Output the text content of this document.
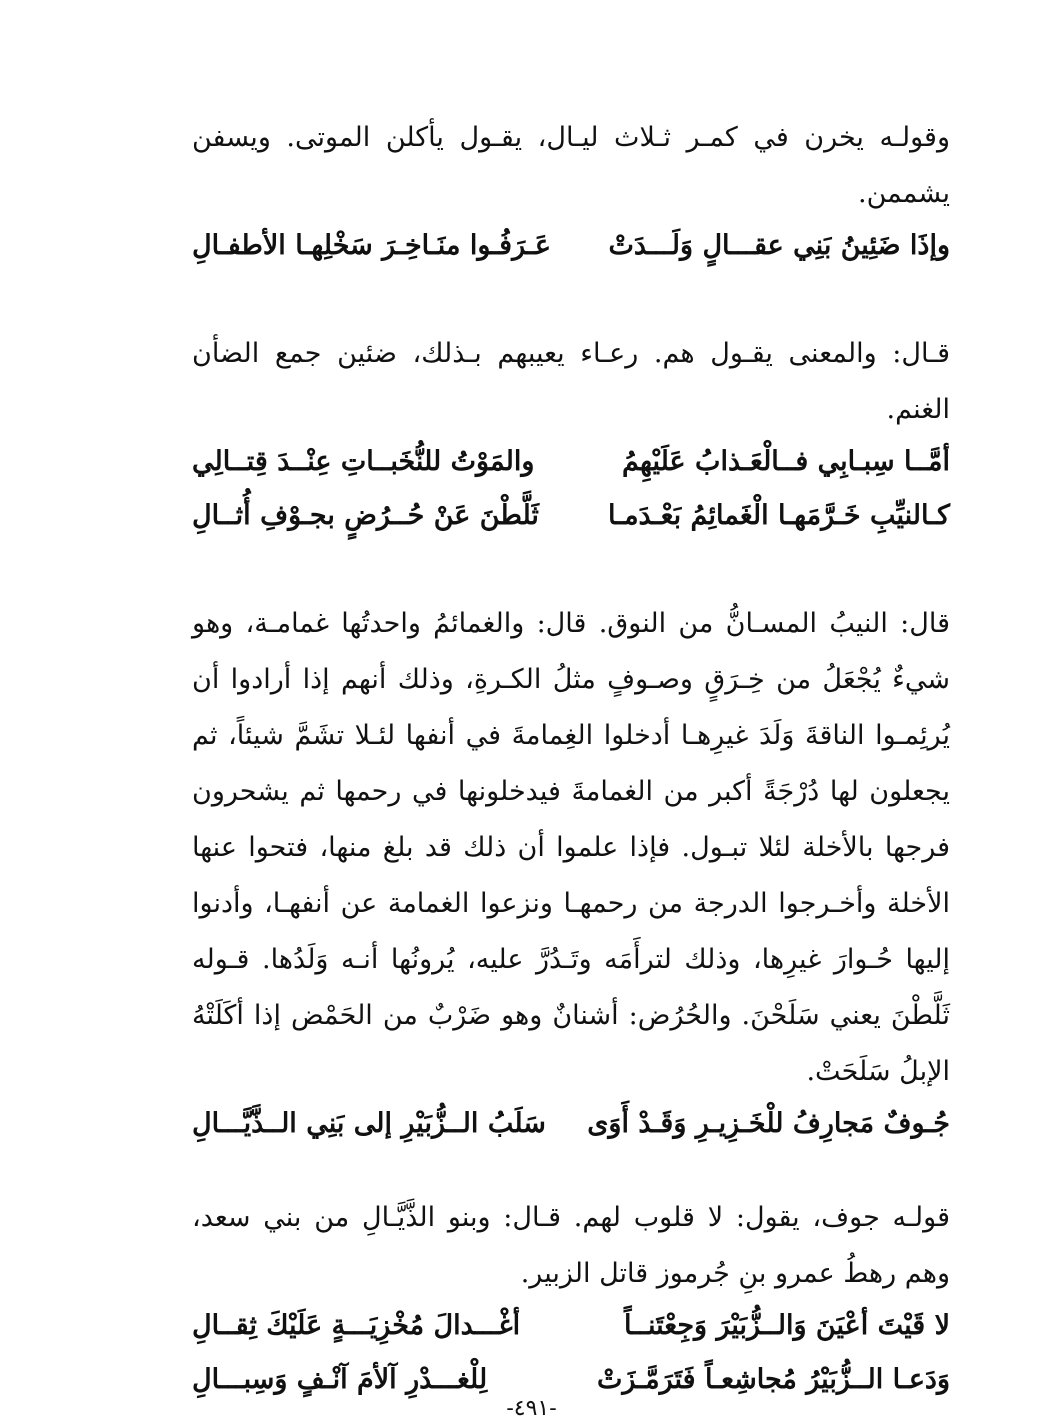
وقولـه يخرن في كمـر ثـلاث ليـال، يقـول يأكلن الموتى. ويسفن يشممن.

وإذَا ضَئِينُ بَنِي عقـــالٍ وَلَـــدَتْ
عَـرَفُـوا منَـاخِـرَ سَخْلِهـا الأطفـالِ

قـال: والمعنى يقـول هم. رعـاء يعيبهم بـذلك، ضئين جمع الضأن الغنم.

أمَّــا سِبـابِي فــالْعَـذابُ عَلَيْهِمُ
والمَوْتُ للنُّخَبــاتِ عِنْــدَ قِتــالِي
كـالنيِّبِ خَـرَّمَهـا الْغَمائِمُ بَعْـدَمـا
ثَلَّطْنَ عَنْ حُــرُضٍ بجـوْفِ أُثــالِ

قال: النيبُ المسـانُّ من النوق. قال: والغمائمُ واحدتُها غمامـة، وهو شيءٌ يُجْعَلُ من خِـرَقٍ وصـوفٍ مثلُ الكـرةِ، وذلك أنهم إذا أرادوا أن يُرئِمـوا الناقةَ وَلَدَ غيرِهـا أدخلوا الغِمامةَ في أنفها لئـلا تشَمَّ شيئاً، ثم يجعلون لها دُرْجَةً أكبر من الغمامةَ فيدخلونها في رحمها ثم يشحرون فرجها بالأخلة لئلا تبـول. فإذا علموا أن ذلك قد بلغ منها، فتحوا عنها الأخلة وأخـرجوا الدرجة من رحمهـا ونزعوا الغمامة عن أنفهـا، وأدنوا إليها حُـوارَ غيرِها، وذلك لترأَمَه وتَـدُرَّ عليه، يُرونُها أنـه وَلَدُها. قـوله ثَلَّطْنَ يعني سَلَحْنَ. والحُرُض: أشنانٌ وهو ضَرْبٌ من الحَمْض إذا أكَلَتْهُ الإبلُ سَلَحَتْ.

جُـوفٌ مَجارِفُ للْخَـزِيـرِ وَقَـدْ أَوَى
سَلَبُ الــزُّبَيْرِ إلى بَنِي الــذَّيَّـــالِ

قولـه جوف، يقول: لا قلوب لهم. قـال: وبنو الذَّيَّـالِ من بني سعد، وهم رهطُ عمرو بنِ جُرموز قاتل الزبير.

لا قَيْتَ أعْيَنَ وَالــزُّبَيْرَ وَجِعْتَنــاً
أغْـــدالَ مُخْزِيَـــةٍ عَلَيْكَ ثِقــالِ
وَدَعـا الــزُّبَيْرُ مُجاشِعـاً فَتَرَمَّـزَتْ
لِلْغـــدْرِ آلأمَ آنْـفٍ وَسِبـــالِ
-٤٩١-
